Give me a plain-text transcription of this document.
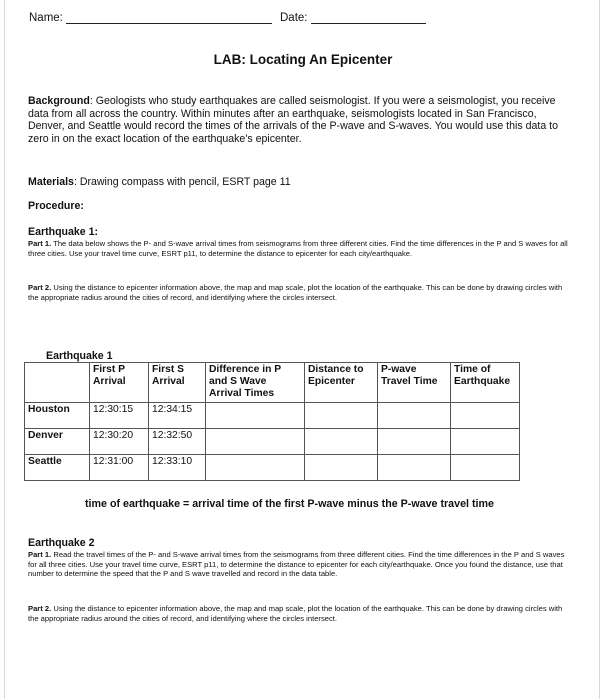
Name:	Date:
LAB: Locating An Epicenter
Background: Geologists who study earthquakes are called seismologist. If you were a seismologist, you receive data from all across the country. Within minutes after an earthquake, seismologists located in San Francisco, Denver, and Seattle would record the times of the arrivals of the P-wave and S-waves. You would use this data to zero in on the exact location of the earthquake's epicenter.
Materials: Drawing compass with pencil, ESRT page 11
Procedure:
Earthquake 1:
Part 1. The data below shows the P- and S-wave arrival times from seismograms from three different cities. Find the time differences in the P and S waves for all three cities. Use your travel time curve, ESRT p11, to determine the distance to epicenter for each city/earthquake.
Part 2. Using the distance to epicenter information above, the map and map scale, plot the location of the earthquake. This can be done by drawing circles with the appropriate radius around the cities of record, and identifying where the circles intersect.
Earthquake 1
	First P Arrival	First S Arrival	Difference in P and S Wave Arrival Times	Distance to Epicenter	P-wave Travel Time	Time of Earthquake
Houston	12:30:15	12:34:15				
Denver	12:30:20	12:32:50				
Seattle	12:31:00	12:33:10				
time of earthquake = arrival time of the first P-wave minus the P-wave travel time
Earthquake 2
Part 1. Read the travel times of the P- and S-wave arrival times from the seismograms from three different cities. Find the time differences in the P and S waves for all three cities. Use your travel time curve, ESRT p11, to determine the distance to epicenter for each city/earthquake. Once you found the distance, use that number to determine the speed that the P and S wave travelled and record in the data table.
Part 2. Using the distance to epicenter information above, the map and map scale, plot the location of the earthquake. This can be done by drawing circles with the appropriate radius around the cities of record, and identifying where the circles intersect.
